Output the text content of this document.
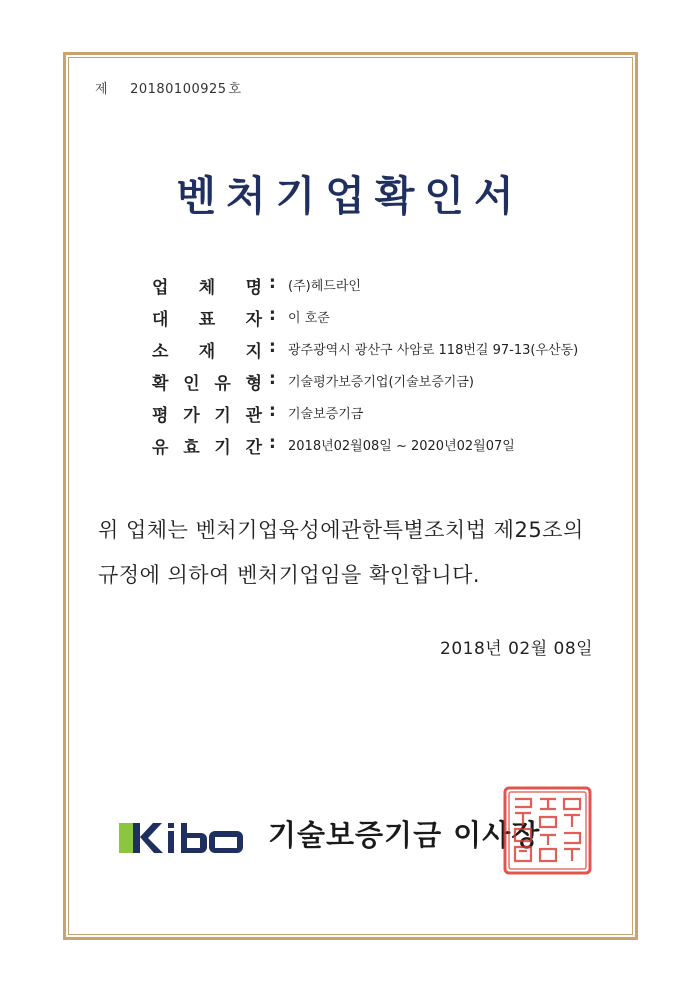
제 20180100925 호
벤처기업확인서
업 체 명 : (주)헤드라인
대 표 자 : 이 호준
소 재 지 : 광주광역시 광산구 사암로 118번길 97-13(우산동)
확 인 유 형 : 기술평가보증기업(기술보증기금)
평 가 기 관 : 기술보증기금
유 효 기 간 : 2018년02월08일 ~ 2020년02월07일
위 업체는 벤처기업육성에관한특별조치법 제25조의
규정에 의하여 벤처기업임을 확인합니다.
2018년 02월 08일
기술보증기금 이사장
